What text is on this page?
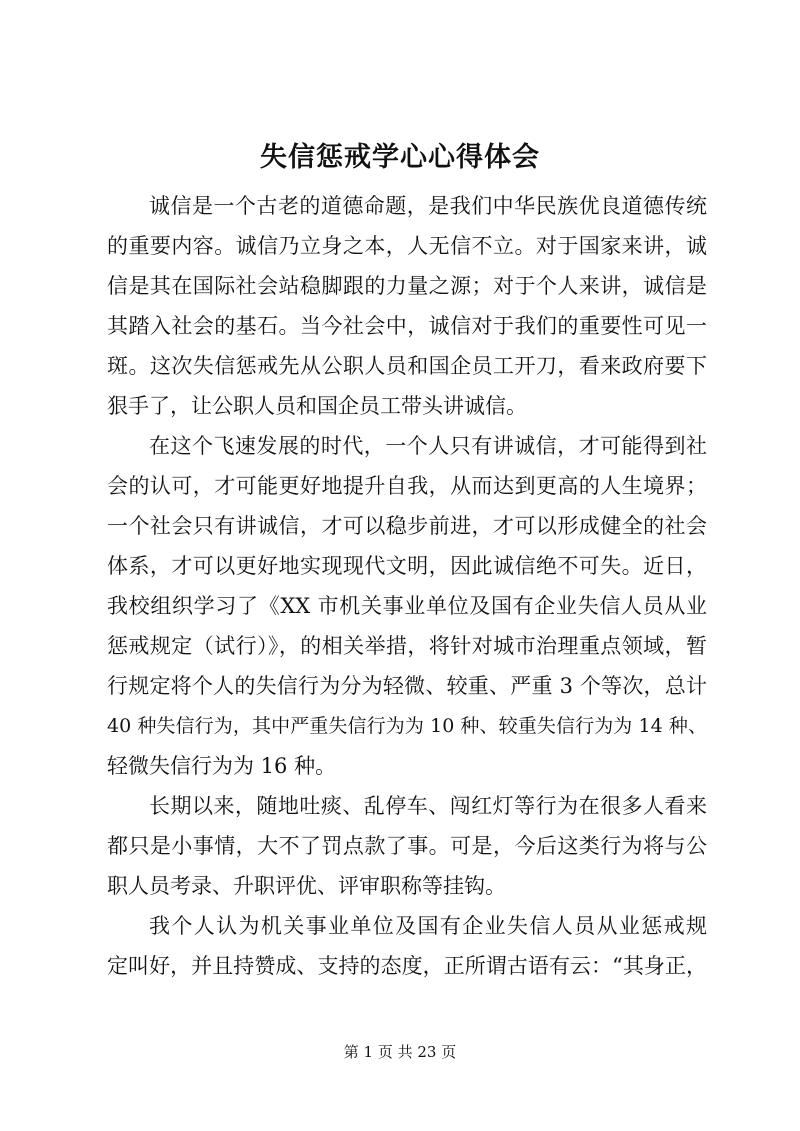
失信惩戒学心心得体会
诚信是一个古老的道德命题，是我们中华民族优良道德传统
的重要内容。诚信乃立身之本，人无信不立。对于国家来讲，诚
信是其在国际社会站稳脚跟的力量之源；对于个人来讲，诚信是
其踏入社会的基石。当今社会中，诚信对于我们的重要性可见一
斑。这次失信惩戒先从公职人员和国企员工开刀，看来政府要下
狠手了，让公职人员和国企员工带头讲诚信。
在这个飞速发展的时代，一个人只有讲诚信，才可能得到社
会的认可，才可能更好地提升自我，从而达到更高的人生境界；
一个社会只有讲诚信，才可以稳步前进，才可以形成健全的社会
体系，才可以更好地实现现代文明，因此诚信绝不可失。近日，
我校组织学习了《XX 市机关事业单位及国有企业失信人员从业
惩戒规定（试行）》，的相关举措，将针对城市治理重点领域，暂
行规定将个人的失信行为分为轻微、较重、严重 3 个等次，总计
40 种失信行为，其中严重失信行为为 10 种、较重失信行为为 14 种、
轻微失信行为为 16 种。
长期以来，随地吐痰、乱停车、闯红灯等行为在很多人看来
都只是小事情，大不了罚点款了事。可是，今后这类行为将与公
职人员考录、升职评优、评审职称等挂钩。
我个人认为机关事业单位及国有企业失信人员从业惩戒规
定叫好，并且持赞成、支持的态度，正所谓古语有云：“其身正，
第 1 页 共 23 页
